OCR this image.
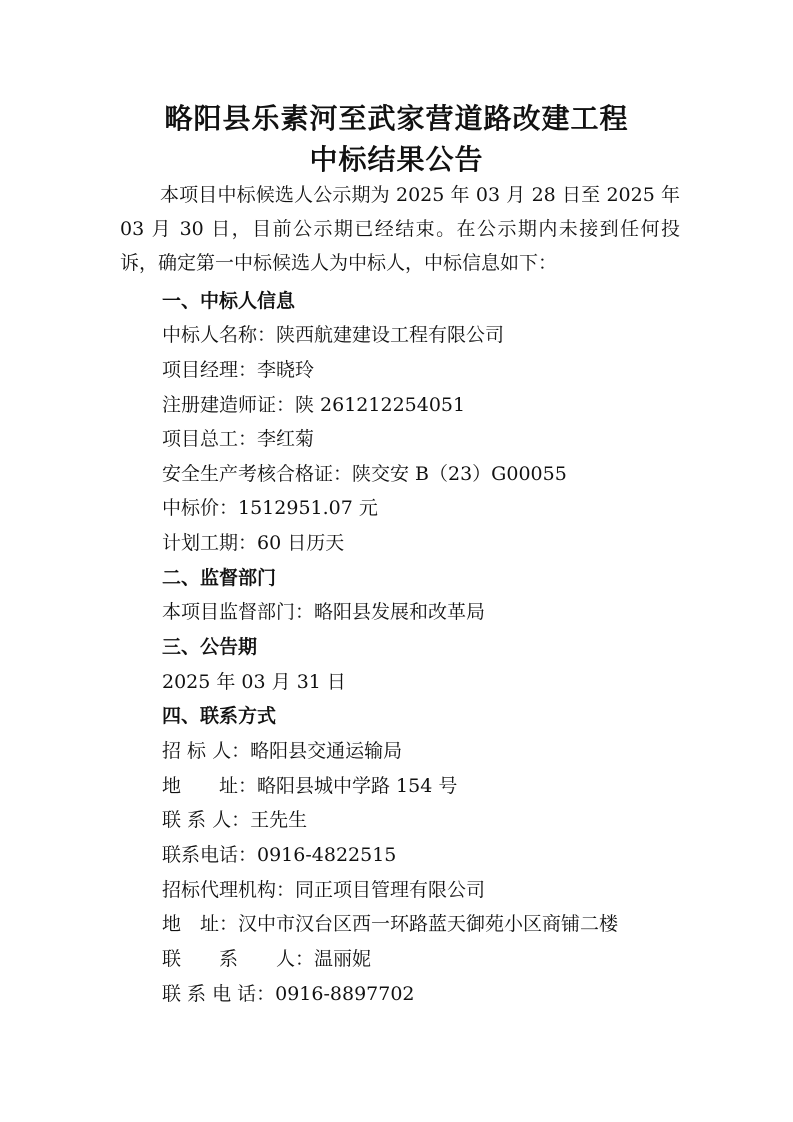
略阳县乐素河至武家营道路改建工程
中标结果公告
本项目中标候选人公示期为 2025 年 03 月 28 日至 2025 年 03 月 30 日，目前公示期已经结束。在公示期内未接到任何投诉，确定第一中标候选人为中标人，中标信息如下：
一、中标人信息
中标人名称：陕西航建建设工程有限公司
项目经理：李晓玲
注册建造师证：陕 261212254051
项目总工：李红菊
安全生产考核合格证：陕交安 B（23）G00055
中标价：1512951.07 元
计划工期：60 日历天
二、监督部门
本项目监督部门：略阳县发展和改革局
三、公告期
2025 年 03 月 31 日
四、联系方式
招 标 人：略阳县交通运输局
地　　址：略阳县城中学路 154 号
联 系 人：王先生
联系电话：0916-4822515
招标代理机构：同正项目管理有限公司
地　址：汉中市汉台区西一环路蓝天御苑小区商铺二楼
联　　系　　人：温丽妮
联 系 电 话：0916-8897702
